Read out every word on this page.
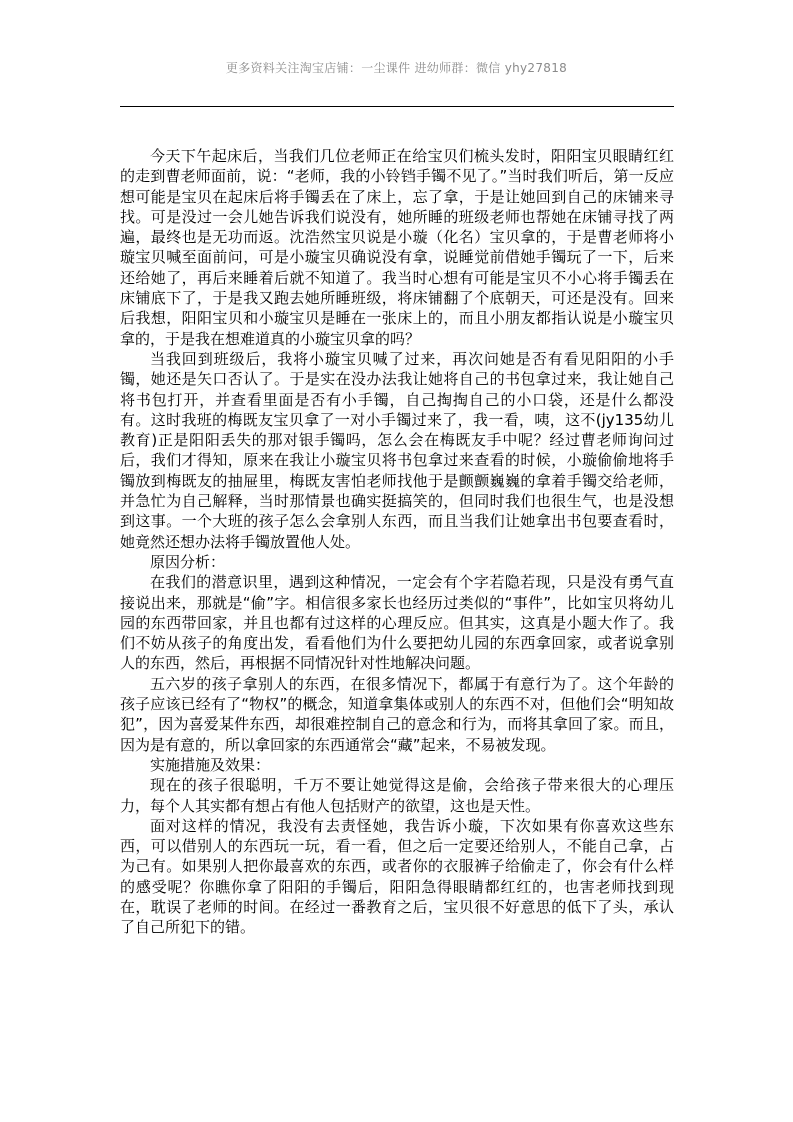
更多资料关注淘宝店铺：一尘课件 进幼师群：微信 yhy27818

今天下午起床后，当我们几位老师正在给宝贝们梳头发时，阳阳宝贝眼睛红红的走到曹老师面前，说：“老师，我的小铃铛手镯不见了。”当时我们听后，第一反应想可能是宝贝在起床后将手镯丢在了床上，忘了拿，于是让她回到自己的床铺来寻找。可是没过一会儿她告诉我们说没有，她所睡的班级老师也帮她在床铺寻找了两遍，最终也是无功而返。沈浩然宝贝说是小璇（化名）宝贝拿的，于是曹老师将小璇宝贝喊至面前问，可是小璇宝贝确说没有拿，说睡觉前借她手镯玩了一下，后来还给她了，再后来睡着后就不知道了。我当时心想有可能是宝贝不小心将手镯丢在床铺底下了，于是我又跑去她所睡班级，将床铺翻了个底朝天，可还是没有。回来后我想，阳阳宝贝和小璇宝贝是睡在一张床上的，而且小朋友都指认说是小璇宝贝拿的，于是我在想难道真的小璇宝贝拿的吗？

当我回到班级后，我将小璇宝贝喊了过来，再次问她是否有看见阳阳的小手镯，她还是矢口否认了。于是实在没办法我让她将自己的书包拿过来，我让她自己将书包打开，并查看里面是否有小手镯，自己掏掏自己的小口袋，还是什么都没有。这时我班的梅既友宝贝拿了一对小手镯过来了，我一看，咦，这不(jy135幼儿教育)正是阳阳丢失的那对银手镯吗，怎么会在梅既友手中呢？经过曹老师询问过后，我们才得知，原来在我让小璇宝贝将书包拿过来查看的时候，小璇偷偷地将手镯放到梅既友的抽屉里，梅既友害怕老师找他于是颤颤巍巍的拿着手镯交给老师，并急忙为自己解释，当时那情景也确实挺搞笑的，但同时我们也很生气，也是没想到这事。一个大班的孩子怎么会拿别人东西，而且当我们让她拿出书包要查看时，她竟然还想办法将手镯放置他人处。

原因分析：

在我们的潜意识里，遇到这种情况，一定会有个字若隐若现，只是没有勇气直接说出来，那就是“偷”字。相信很多家长也经历过类似的“事件”，比如宝贝将幼儿园的东西带回家，并且也都有过这样的心理反应。但其实，这真是小题大作了。我们不妨从孩子的角度出发，看看他们为什么要把幼儿园的东西拿回家，或者说拿别人的东西，然后，再根据不同情况针对性地解决问题。

五六岁的孩子拿别人的东西，在很多情况下，都属于有意行为了。这个年龄的孩子应该已经有了“物权”的概念，知道拿集体或别人的东西不对，但他们会“明知故犯”，因为喜爱某件东西，却很难控制自己的意念和行为，而将其拿回了家。而且，因为是有意的，所以拿回家的东西通常会“藏”起来，不易被发现。

实施措施及效果：

现在的孩子很聪明，千万不要让她觉得这是偷，会给孩子带来很大的心理压力，每个人其实都有想占有他人包括财产的欲望，这也是天性。

面对这样的情况，我没有去责怪她，我告诉小璇，下次如果有你喜欢这些东西，可以借别人的东西玩一玩，看一看，但之后一定要还给别人，不能自己拿，占为己有。如果别人把你最喜欢的东西，或者你的衣服裤子给偷走了，你会有什么样的感受呢？你瞧你拿了阳阳的手镯后，阳阳急得眼睛都红红的，也害老师找到现在，耽误了老师的时间。在经过一番教育之后，宝贝很不好意思的低下了头，承认了自己所犯下的错。
